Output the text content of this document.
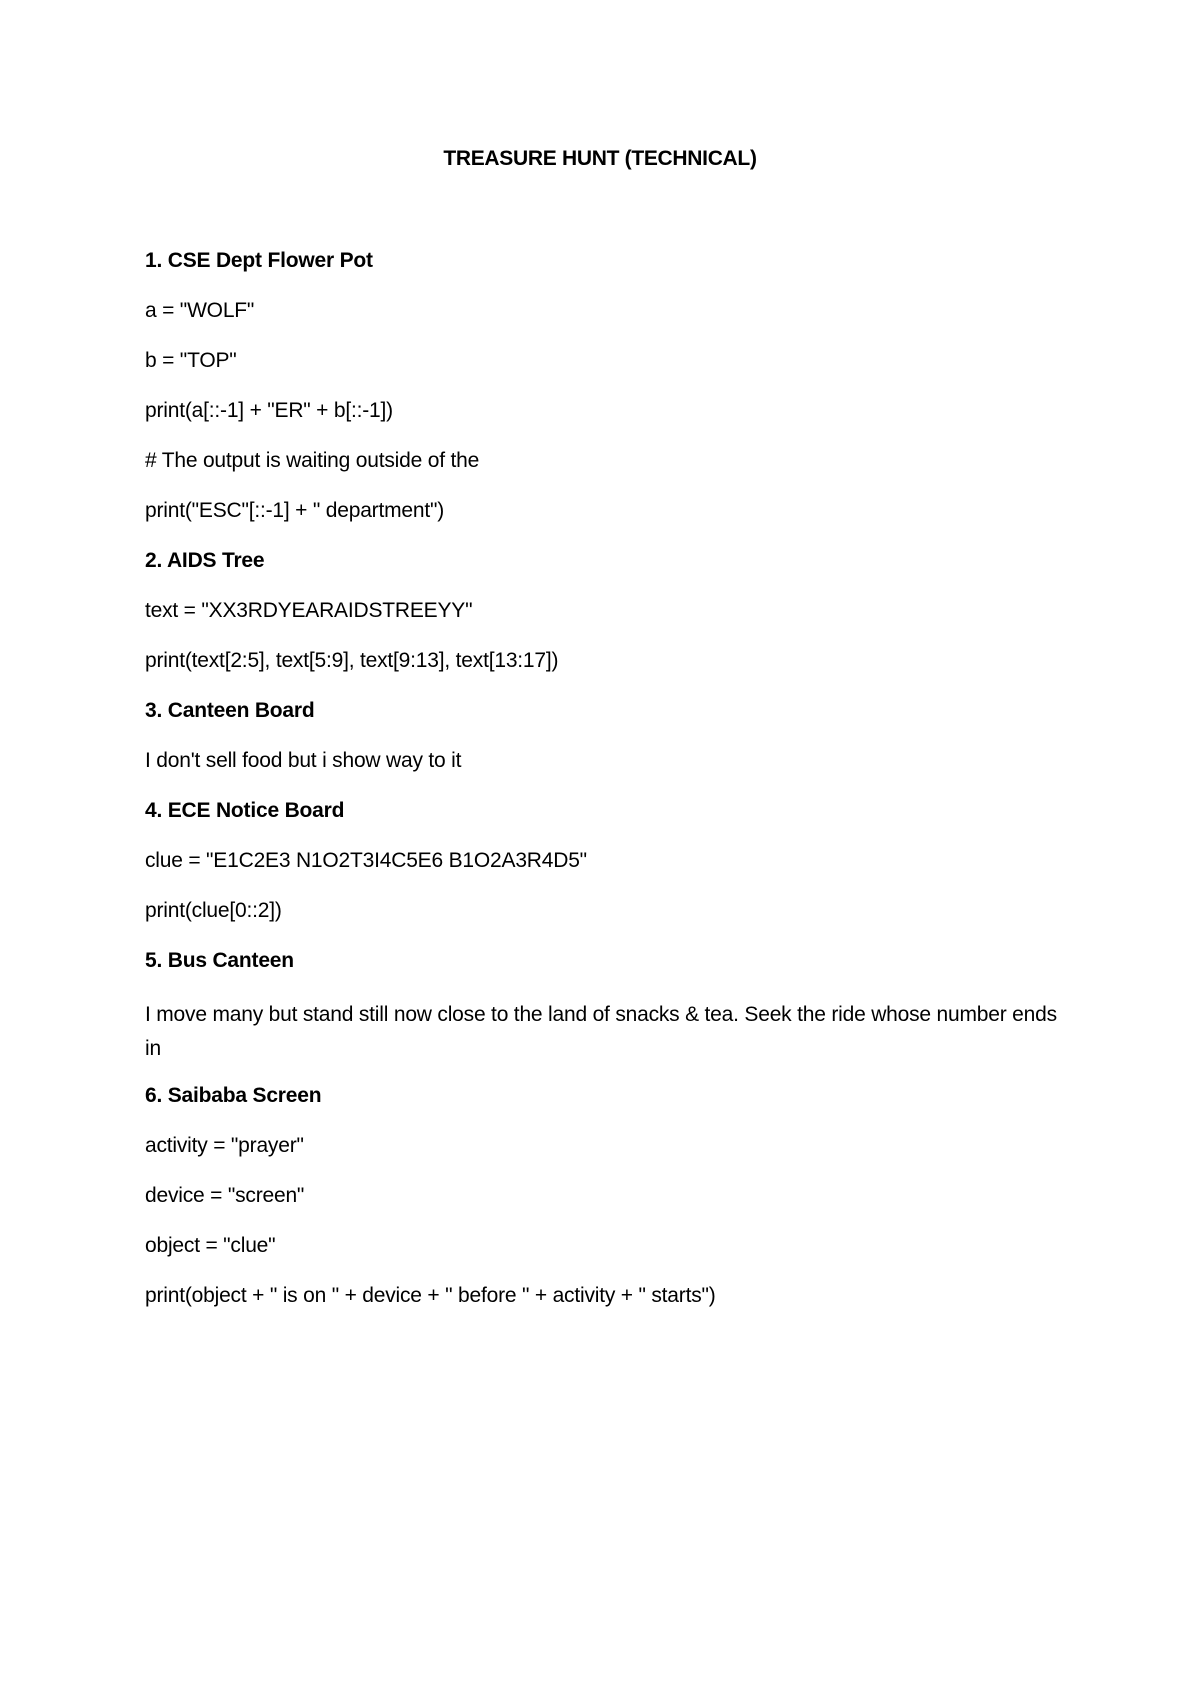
TREASURE HUNT (TECHNICAL)
1. CSE Dept Flower Pot
a = "WOLF"
b = "TOP"
print(a[::-1] + "ER" + b[::-1])
# The output is waiting outside of the
print("ESC"[::-1] + " department")
2. AIDS Tree
text = "XX3RDYEARAIDSTREEYY"
print(text[2:5], text[5:9], text[9:13], text[13:17])
3. Canteen Board
I don't sell food but i show way to it
4. ECE Notice Board
clue = "E1C2E3 N1O2T3I4C5E6 B1O2A3R4D5"
print(clue[0::2])
5. Bus Canteen
I move many but stand still now close to the land of snacks & tea. Seek the ride whose number ends in
6. Saibaba Screen
activity = "prayer"
device = "screen"
object = "clue"
print(object + " is on " + device + " before " + activity + " starts")
